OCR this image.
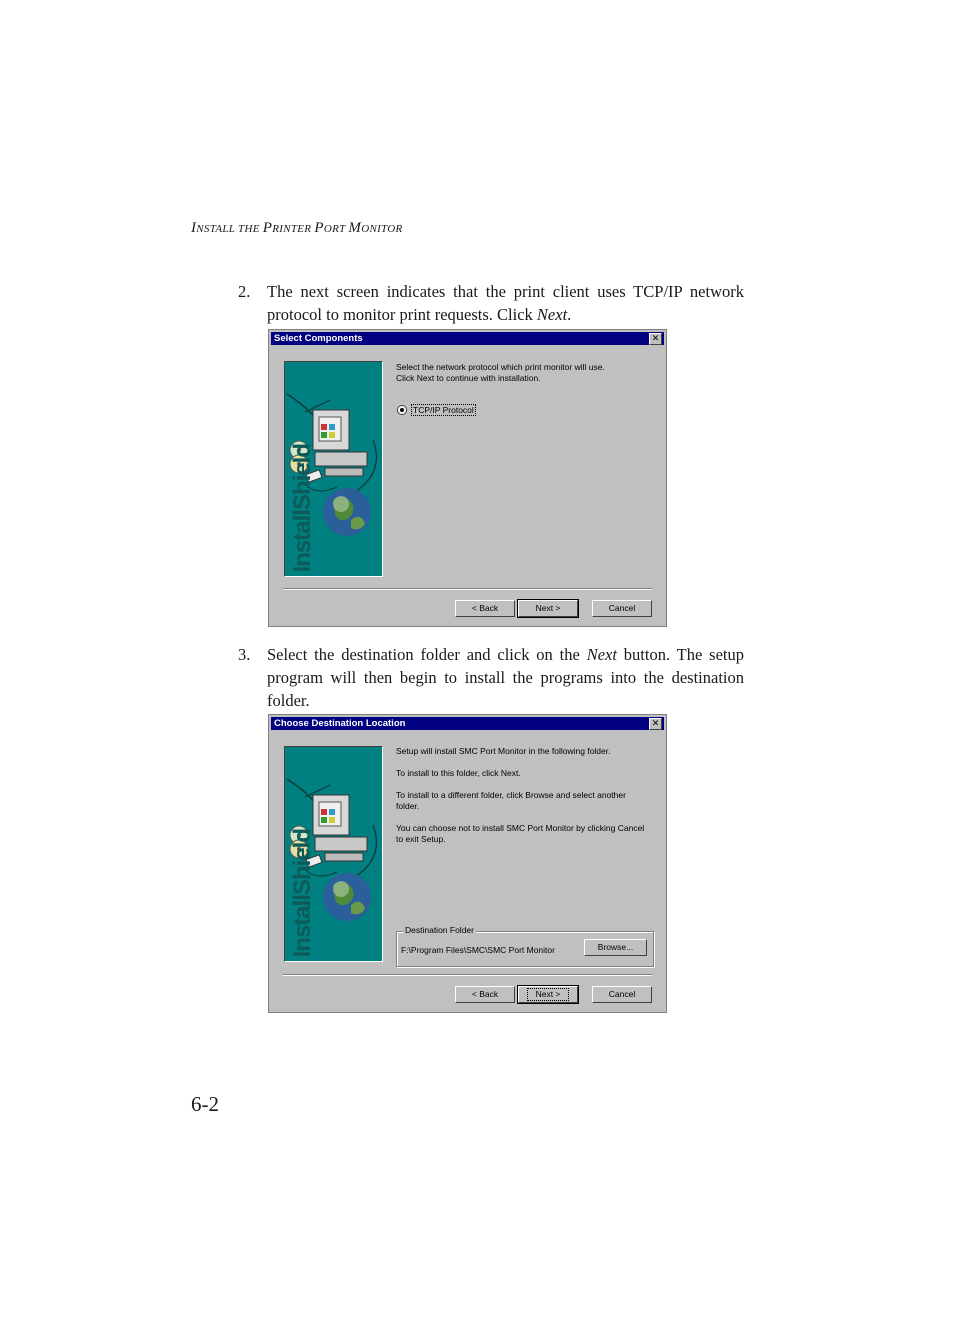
INSTALL THE PRINTER PORT MONITOR
2. The next screen indicates that the print client uses TCP/IP network protocol to monitor print requests. Click Next.
Select Components	✕
InstallShield
Select the network protocol which print monitor will use.
Click Next to continue with installation.
TCP/IP Protocol
< Back	Next >	Cancel
3. Select the destination folder and click on the Next button. The setup program will then begin to install the programs into the destination folder.
Choose Destination Location	✕
InstallShield

Setup will install SMC Port Monitor in the following folder.

To install to this folder, click Next.

To install to a different folder, click Browse and select another folder.

You can choose not to install SMC Port Monitor by clicking Cancel to exit Setup.

Destination Folder
F:\Program Files\SMC\SMC Port Monitor	Browse...
< Back	Next >	Cancel
6-2
